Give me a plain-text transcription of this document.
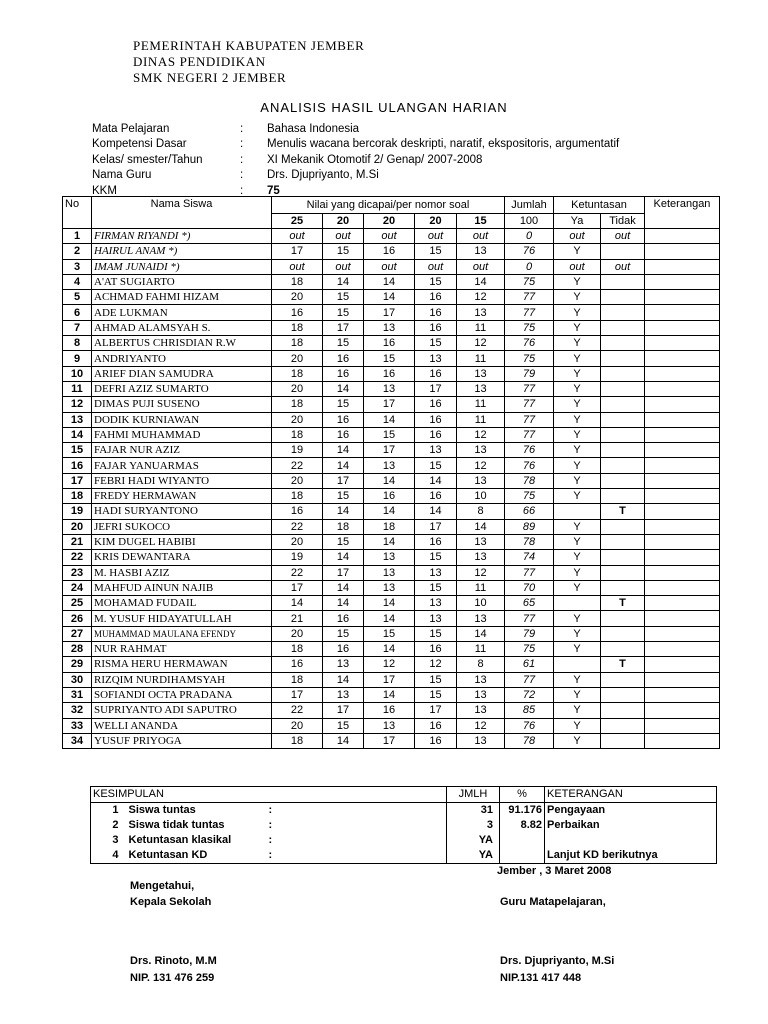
PEMERINTAH KABUPATEN JEMBER
DINAS PENDIDIKAN
SMK NEGERI 2 JEMBER
ANALISIS HASIL ULANGAN HARIAN
Mata Pelajaran	:	Bahasa Indonesia
Kompetensi Dasar	:	Menulis wacana bercorak deskripti, naratif, ekspositoris, argumentatif
Kelas/ smester/Tahun	:	XI Mekanik Otomotif 2/ Genap/ 2007-2008
Nama Guru	:	Drs. Djupriyanto, M.Si
KKM	:	75
No	Nama Siswa	Nilai yang dicapai/per nomor soal					Jumlah	Ketuntasan		Keterangan
		25	20	20	20	15	100	Ya	Tidak	
1	FIRMAN RIYANDI *)	out	out	out	out	out	0	out	out	
2	HAIRUL ANAM *)	17	15	16	15	13	76	Y		
3	IMAM JUNAIDI *)	out	out	out	out	out	0	out	out	
4	A'AT SUGIARTO	18	14	14	15	14	75	Y		
5	ACHMAD FAHMI HIZAM	20	15	14	16	12	77	Y		
6	ADE LUKMAN	16	15	17	16	13	77	Y		
7	AHMAD ALAMSYAH S.	18	17	13	16	11	75	Y		
8	ALBERTUS CHRISDIAN R.W	18	15	16	15	12	76	Y		
9	ANDRIYANTO	20	16	15	13	11	75	Y		
10	ARIEF DIAN SAMUDRA	18	16	16	16	13	79	Y		
11	DEFRI AZIZ SUMARTO	20	14	13	17	13	77	Y		
12	DIMAS PUJI SUSENO	18	15	17	16	11	77	Y		
13	DODIK KURNIAWAN	20	16	14	16	11	77	Y		
14	FAHMI MUHAMMAD	18	16	15	16	12	77	Y		
15	FAJAR NUR AZIZ	19	14	17	13	13	76	Y		
16	FAJAR YANUARMAS	22	14	13	15	12	76	Y		
17	FEBRI HADI WIYANTO	20	17	14	14	13	78	Y		
18	FREDY HERMAWAN	18	15	16	16	10	75	Y		
19	HADI SURYANTONO	16	14	14	14	8	66		T	
20	JEFRI SUKOCO	22	18	18	17	14	89	Y		
21	KIM DUGEL HABIBI	20	15	14	16	13	78	Y		
22	KRIS DEWANTARA	19	14	13	15	13	74	Y		
23	M. HASBI AZIZ	22	17	13	13	12	77	Y		
24	MAHFUD AINUN NAJIB	17	14	13	15	11	70	Y		
25	MOHAMAD FUDAIL	14	14	14	13	10	65		T	
26	M. YUSUF HIDAYATULLAH	21	16	14	13	13	77	Y		
27	MUHAMMAD MAULANA EFENDY	20	15	15	15	14	79	Y		
28	NUR RAHMAT	18	16	14	16	11	75	Y		
29	RISMA HERU HERMAWAN	16	13	12	12	8	61		T	
30	RIZQIM NURDIHAMSYAH	18	14	17	15	13	77	Y		
31	SOFIANDI OCTA PRADANA	17	13	14	15	13	72	Y		
32	SUPRIYANTO ADI SAPUTRO	22	17	16	17	13	85	Y		
33	WELLI ANANDA	20	15	13	16	12	76	Y		
34	YUSUF PRIYOGA	18	14	17	16	13	78	Y		
KESIMPULAN			JMLH	%	KETERANGAN
1	Siswa tuntas	:	31	91.176	Pengayaan
2	Siswa tidak tuntas	:	3	8.82	Perbaikan
3	Ketuntasan klasikal	:	YA		
4	Ketuntasan KD	:	YA		Lanjut KD berikutnya
Jember , 3 Maret 2008
Mengetahui,
Kepala Sekolah	Guru Matapelajaran,
Drs. Rinoto, M.M
NIP. 131 476 259
Drs. Djupriyanto, M.Si
NIP.131 417 448
